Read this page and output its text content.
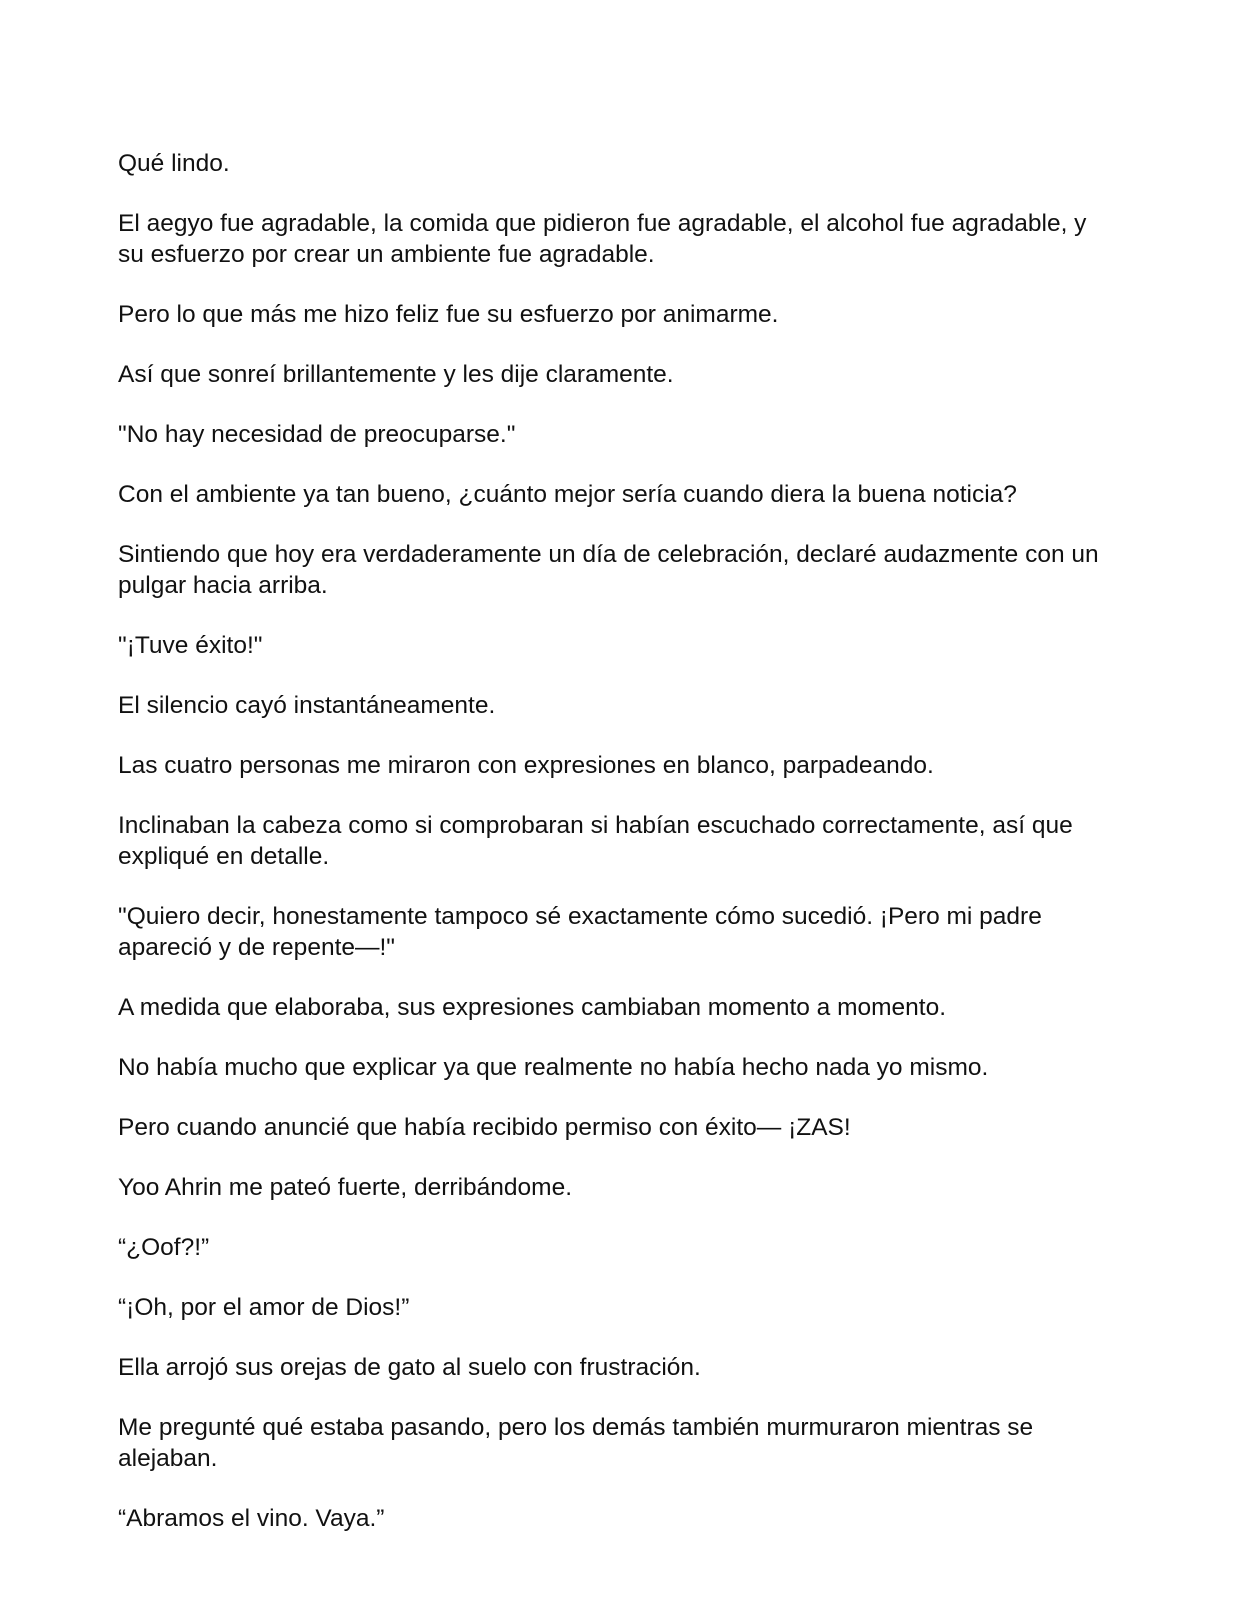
Qué lindo.

El aegyo fue agradable, la comida que pidieron fue agradable, el alcohol fue agradable, y su esfuerzo por crear un ambiente fue agradable.

Pero lo que más me hizo feliz fue su esfuerzo por animarme.

Así que sonreí brillantemente y les dije claramente.

"No hay necesidad de preocuparse."

Con el ambiente ya tan bueno, ¿cuánto mejor sería cuando diera la buena noticia?

Sintiendo que hoy era verdaderamente un día de celebración, declaré audazmente con un pulgar hacia arriba.

"¡Tuve éxito!"

El silencio cayó instantáneamente.

Las cuatro personas me miraron con expresiones en blanco, parpadeando.

Inclinaban la cabeza como si comprobaran si habían escuchado correctamente, así que expliqué en detalle.

"Quiero decir, honestamente tampoco sé exactamente cómo sucedió. ¡Pero mi padre apareció y de repente—!"

A medida que elaboraba, sus expresiones cambiaban momento a momento.

No había mucho que explicar ya que realmente no había hecho nada yo mismo.

Pero cuando anuncié que había recibido permiso con éxito— ¡ZAS!

Yoo Ahrin me pateó fuerte, derribándome.

“¿Oof?!”

“¡Oh, por el amor de Dios!”

Ella arrojó sus orejas de gato al suelo con frustración.

Me pregunté qué estaba pasando, pero los demás también murmuraron mientras se alejaban.

“Abramos el vino. Vaya.”
